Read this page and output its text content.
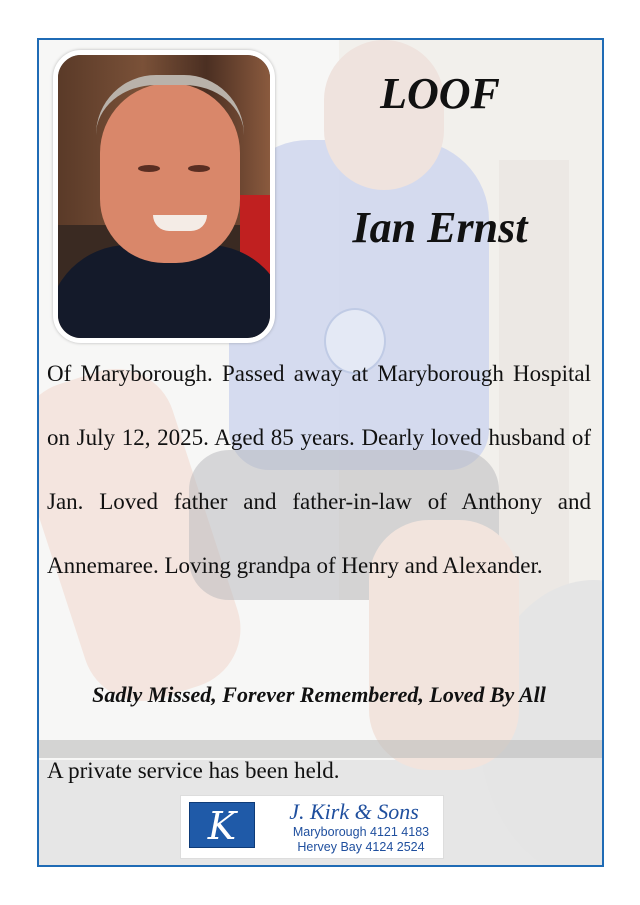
LOOF
Ian Ernst
Of Maryborough. Passed away at Maryborough Hospital on July 12, 2025. Aged 85 years. Dearly loved husband of Jan. Loved father and father-in-law of Anthony and Annemaree. Loving grandpa of Henry and Alexander.
Sadly Missed, Forever Remembered, Loved By All
A private service has been held.
K	J. Kirk & Sons
Maryborough 4121 4183
Hervey Bay 4124 2524
